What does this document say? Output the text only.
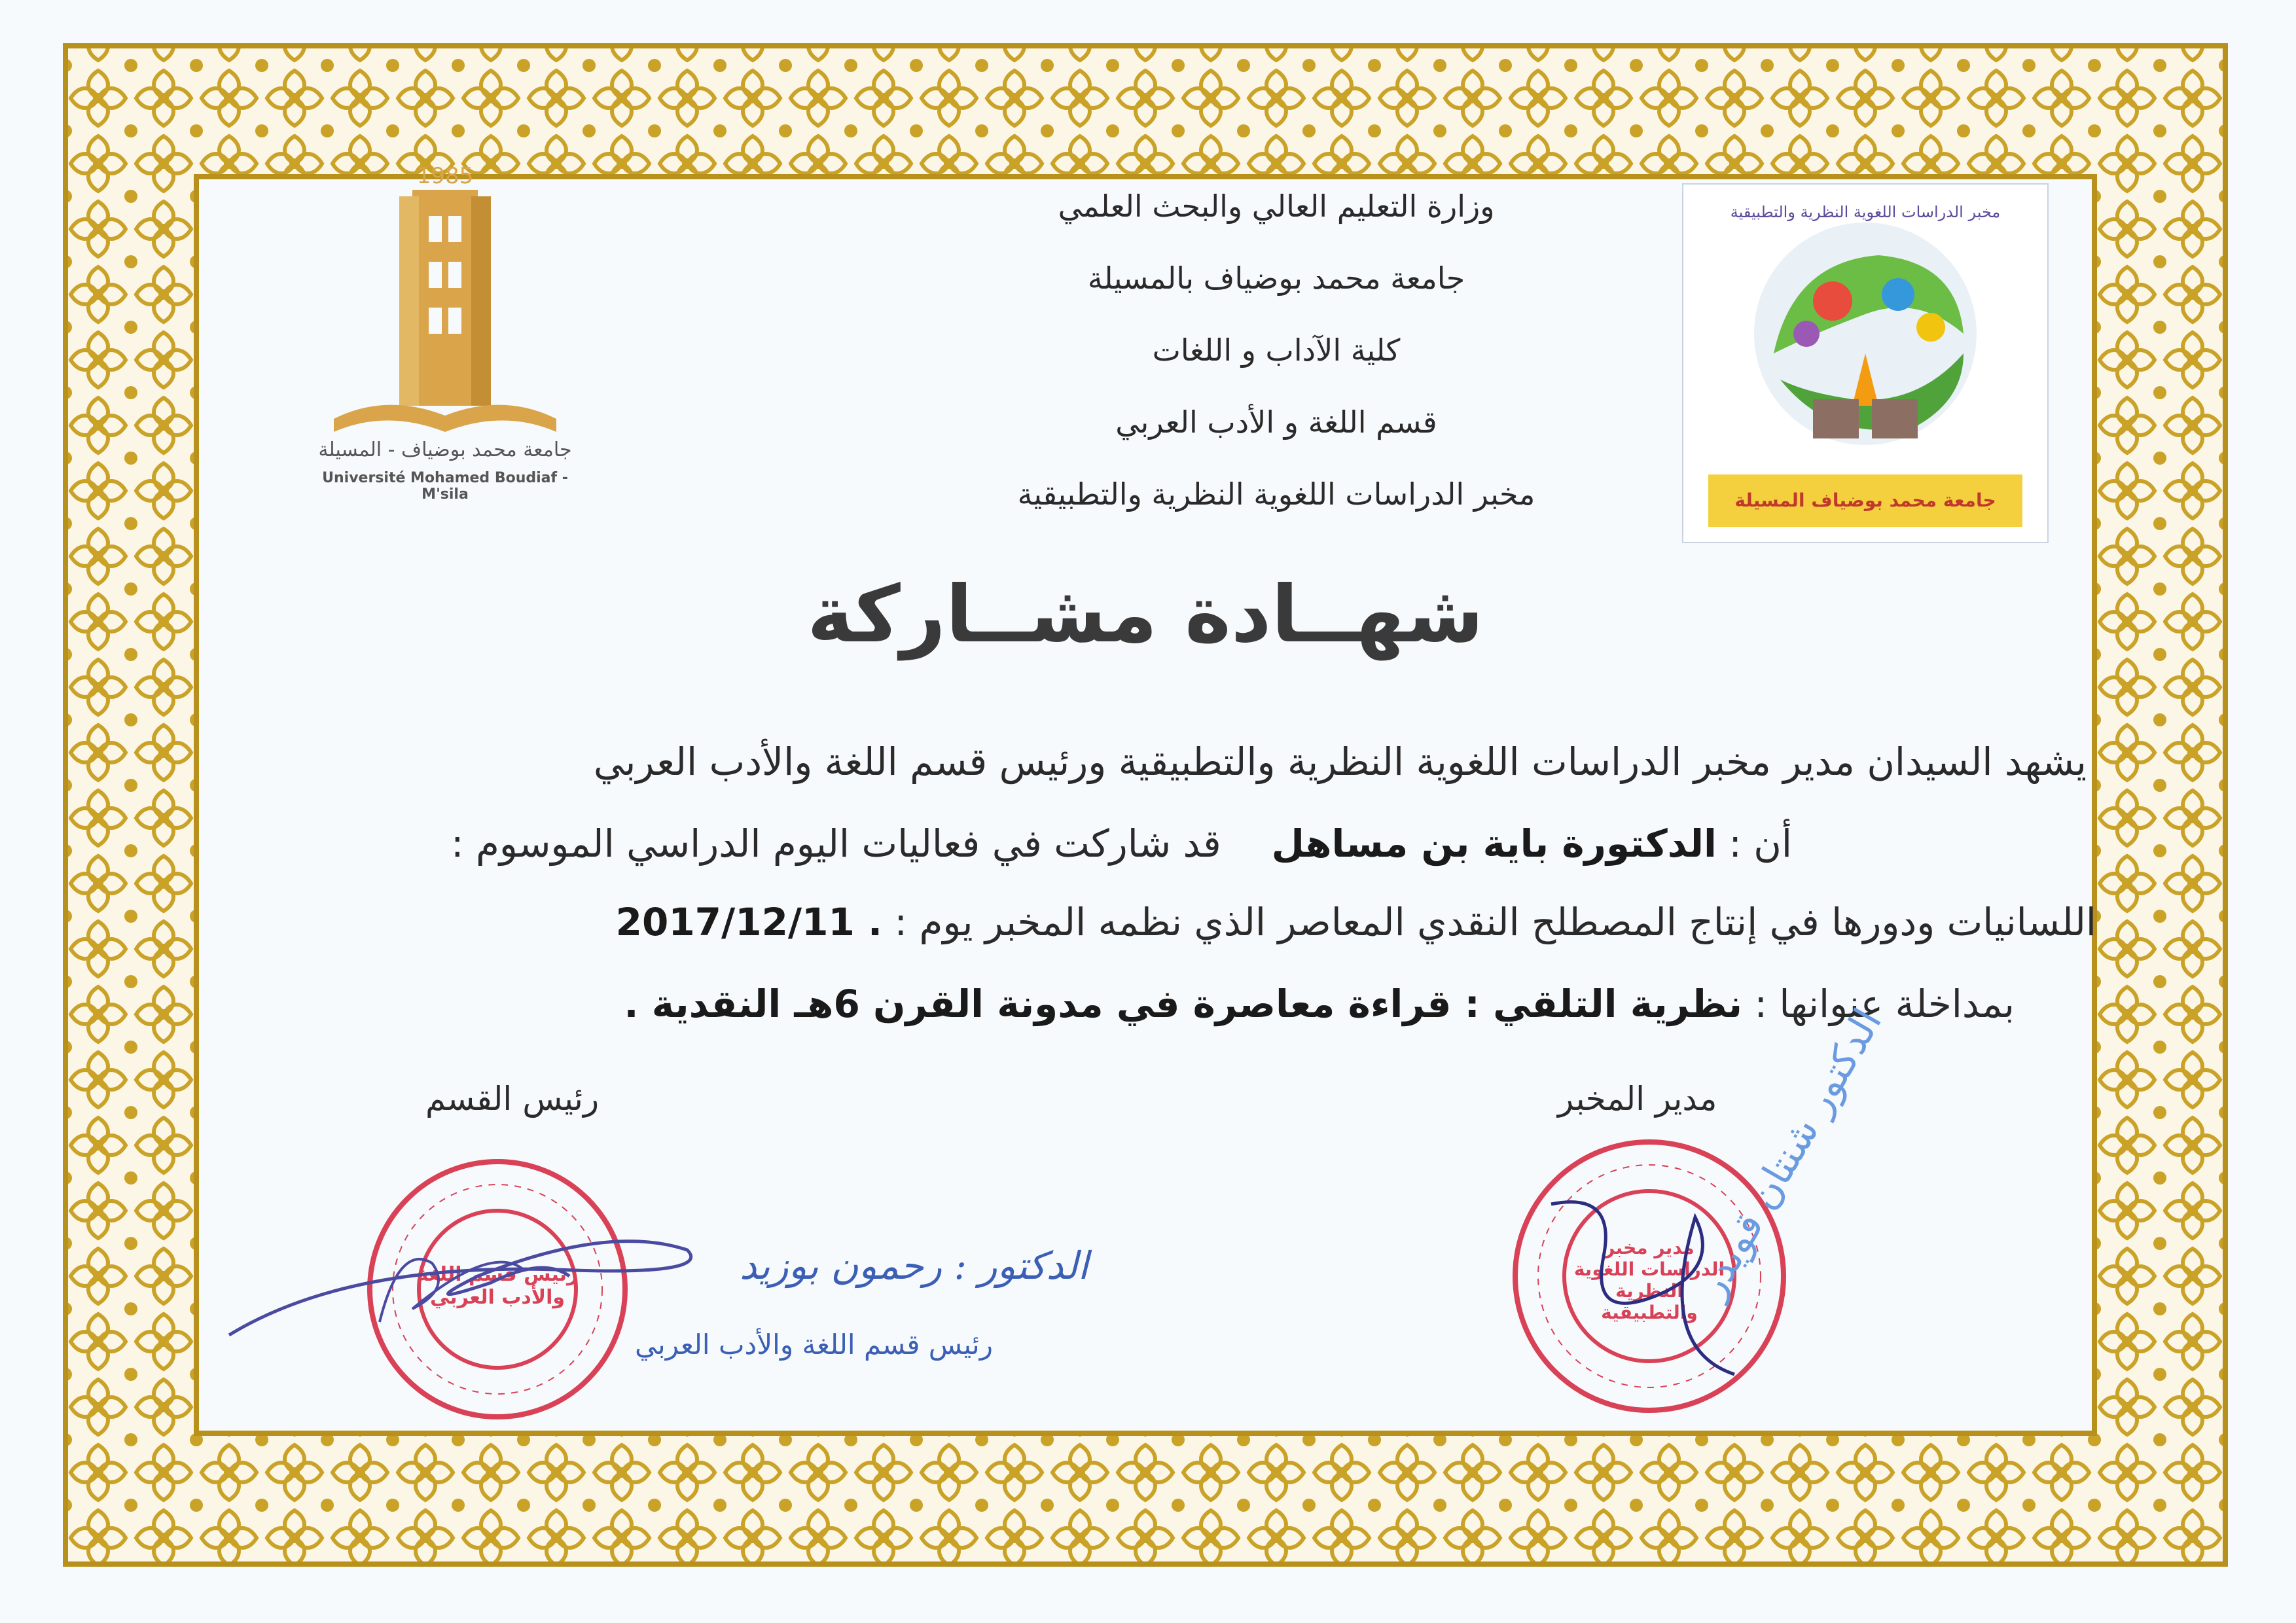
1985
جامعة محمد بوضياف - المسيلة
Université Mohamed Boudiaf - M'sila
مخبر الدراسات اللغوية النظرية والتطبيقية
جامعة محمد بوضياف المسيلة
وزارة التعليم العالي والبحث العلمي
جامعة محمد بوضياف بالمسيلة
كلية الآداب و اللغات
قسم اللغة و الأدب العربي
مخبر الدراسات اللغوية النظرية والتطبيقية
شهــادة مشــاركة
يشهد السيدان مدير مخبر الدراسات اللغوية النظرية والتطبيقية ورئيس قسم اللغة والأدب العربي
أن : الدكتورة باية بن مساهل  قد شاركت في فعاليات اليوم الدراسي الموسوم :
اللسانيات ودورها في إنتاج المصطلح النقدي المعاصر الذي نظمه المخبر يوم : 2017/12/11 .
بمداخلة عنوانها : نظرية التلقي : قراءة معاصرة في مدونة القرن 6هـ النقدية .
رئيس القسم	مدير المخبر
رئيس قسم اللغة والأدب العربي
الدكتور : رحمون بوزيد
رئيس قسم اللغة والأدب العربي
مدير مخبر الدراسات اللغوية النظرية والتطبيقية
الدكتور شنتان قويدر
